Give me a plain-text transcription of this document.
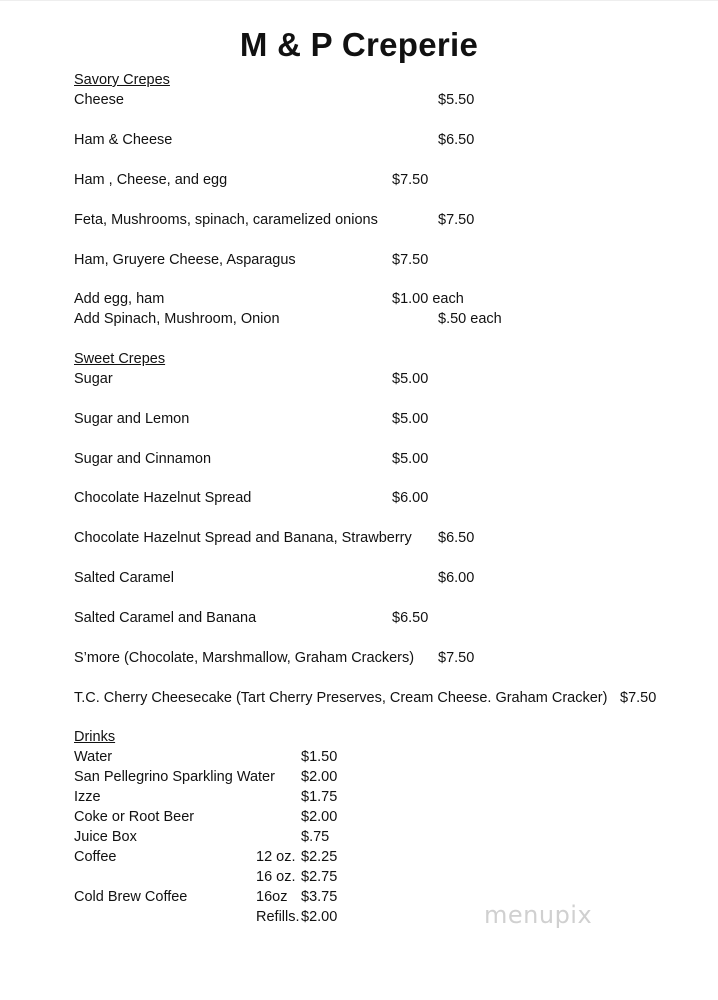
M & P Creperie
Savory Crepes
Cheese	$5.50
Ham & Cheese	$6.50
Ham , Cheese, and egg	$7.50
Feta, Mushrooms, spinach, caramelized onions	$7.50
Ham, Gruyere Cheese, Asparagus	$7.50
Add egg, ham	$1.00 each
Add Spinach, Mushroom, Onion	$.50 each
Sweet Crepes
Sugar	$5.00
Sugar and Lemon	$5.00
Sugar and Cinnamon	$5.00
Chocolate Hazelnut Spread	$6.00
Chocolate Hazelnut Spread and Banana, Strawberry $6.50
Salted Caramel	$6.00
Salted Caramel and Banana	$6.50
S’more (Chocolate, Marshmallow, Graham Crackers) $7.50
T.C. Cherry Cheesecake (Tart Cherry Preserves, Cream Cheese. Graham Cracker) $7.50
Drinks
Water	$1.50
San Pellegrino Sparkling Water $2.00
Izze	$1.75
Coke or Root Beer	$2.00
Juice Box	$.75
Coffee	12 oz. $2.25
16 oz. $2.75
Cold Brew Coffee	16oz $3.75
Refills. $2.00	menupix
